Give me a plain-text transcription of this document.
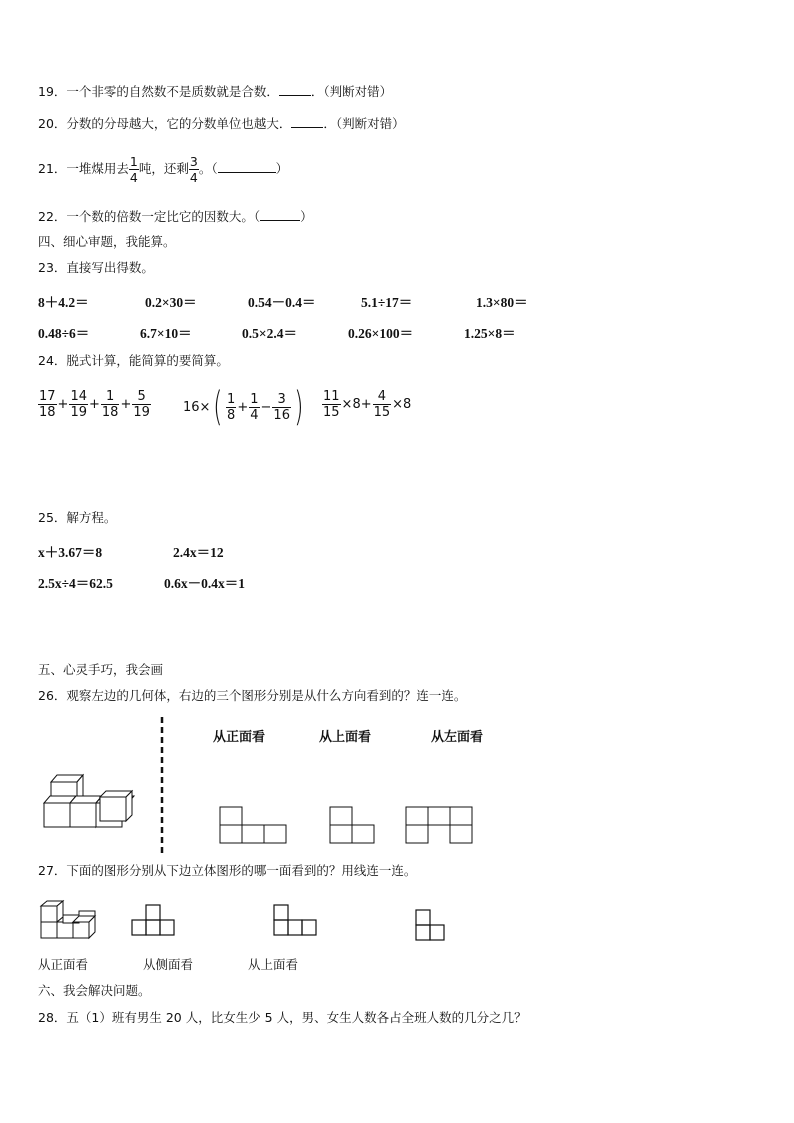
19．一个非零的自然数不是质数就是合数．	．（判断对错）
20．分数的分母越大，它的分数单位也越大．	．（判断对错）
21．一堆煤用去 $\frac{1}{4}$ 吨，还剩 $\frac{3}{4}$ 。（	）
22．一个数的倍数一定比它的因数大。（	）
四、细心审题，我能算。
23．直接写出得数。
8＋4.2＝	0.2×30＝	0.54－0.4＝	5.1÷17＝	1.3×80＝
0.48÷6＝	6.7×10＝	0.5×2.4＝	0.26×100＝	1.25×8＝
24．脱式计算，能简算的要简算。
$\frac{17}{18} + \frac{14}{19} + \frac{1}{18} + \frac{5}{19} 16\times$ ( $\frac{1}{8} + \frac{1}{4} - \frac{3}{16}$ ) $\frac{11}{15} \times 8+ \frac{4}{15} \times 8$
25．解方程。
x＋3.67＝8	2.4x＝12
2.5x÷4＝62.5	0.6x－0.4x＝1
五、心灵手巧，我会画
26．观察左边的几何体，右边的三个图形分别是从什么方向看到的？连一连。
从正面看	从上面看	从左面看
27．下面的图形分别从下边立体图形的哪一面看到的？用线连一连。
从正面看	从侧面看	从上面看
六、我会解决问题。
28．五（1）班有男生 20 人，比女生少 5 人，男、女生人数各占全班人数的几分之几？
